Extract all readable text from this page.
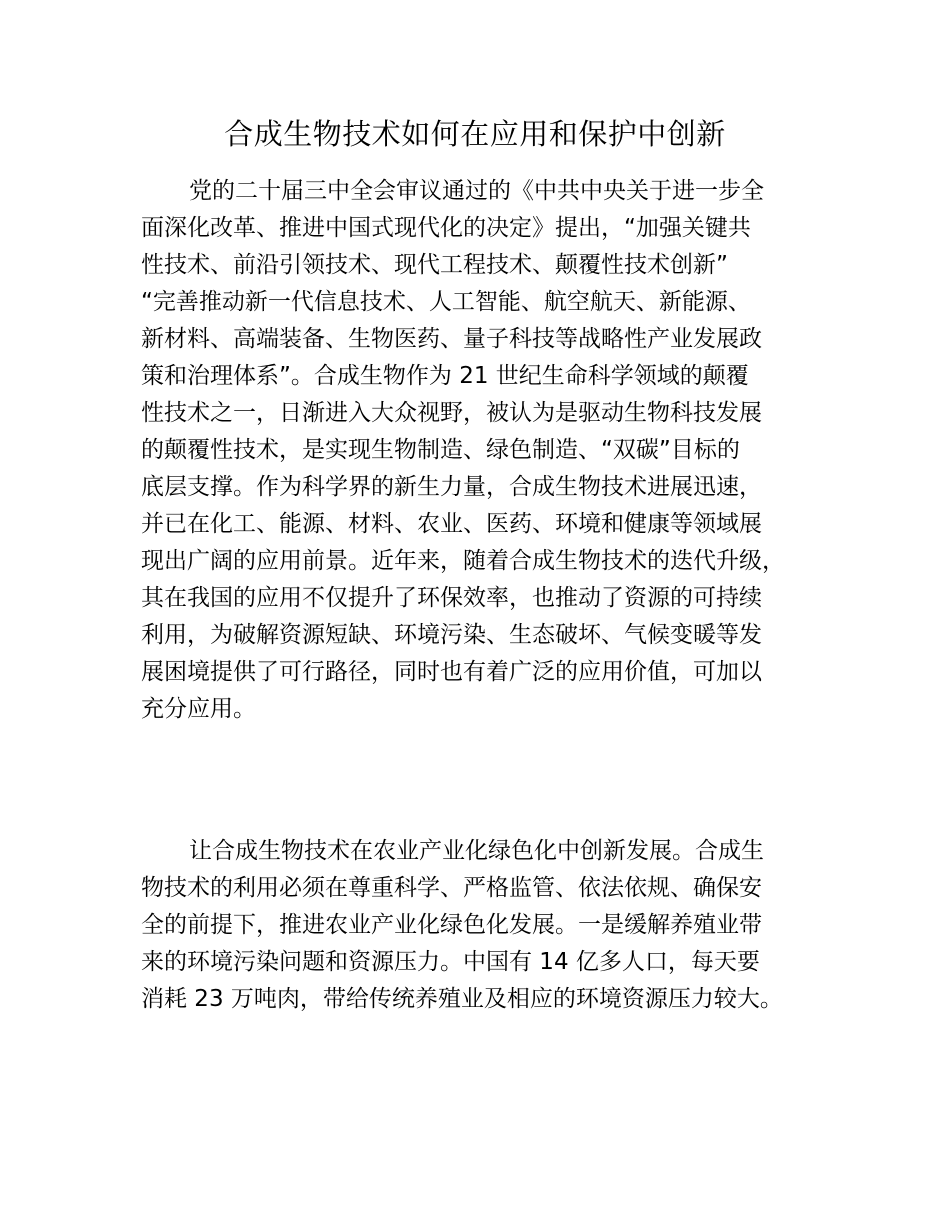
合成生物技术如何在应用和保护中创新
党的二十届三中全会审议通过的《中共中央关于进一步全
面深化改革、推进中国式现代化的决定》提出，“加强关键共
性技术、前沿引领技术、现代工程技术、颠覆性技术创新”
“完善推动新一代信息技术、人工智能、航空航天、新能源、
新材料、高端装备、生物医药、量子科技等战略性产业发展政
策和治理体系”。合成生物作为 21 世纪生命科学领域的颠覆
性技术之一，日渐进入大众视野，被认为是驱动生物科技发展
的颠覆性技术，是实现生物制造、绿色制造、“双碳”目标的
底层支撑。作为科学界的新生力量，合成生物技术进展迅速，
并已在化工、能源、材料、农业、医药、环境和健康等领域展
现出广阔的应用前景。近年来，随着合成生物技术的迭代升级，
其在我国的应用不仅提升了环保效率，也推动了资源的可持续
利用，为破解资源短缺、环境污染、生态破坏、气候变暖等发
展困境提供了可行路径，同时也有着广泛的应用价值，可加以
充分应用。
让合成生物技术在农业产业化绿色化中创新发展。合成生
物技术的利用必须在尊重科学、严格监管、依法依规、确保安
全的前提下，推进农业产业化绿色化发展。一是缓解养殖业带
来的环境污染问题和资源压力。中国有 14 亿多人口，每天要
消耗 23 万吨肉，带给传统养殖业及相应的环境资源压力较大。
